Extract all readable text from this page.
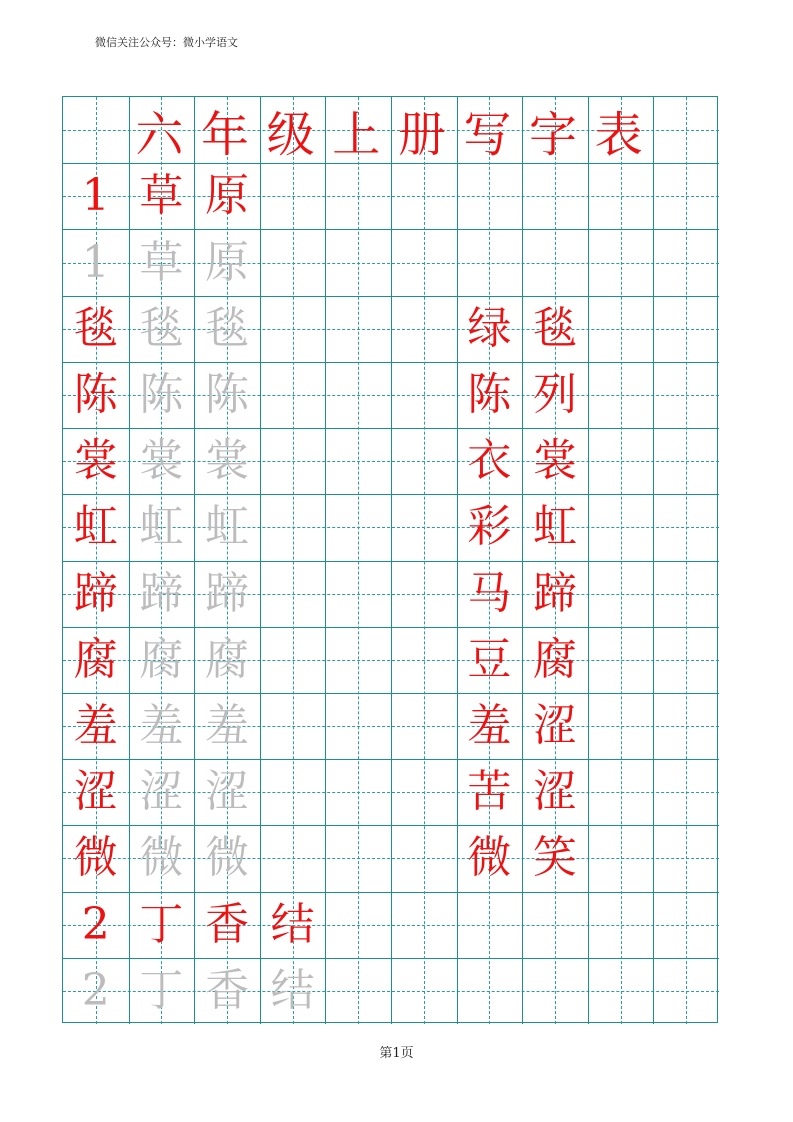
微信关注公众号：微小学语文
六 年 级 上 册 写 字 表
1 草 原
1 草 原
毯 毯 毯	绿 毯
陈 陈 陈	陈 列
裳 裳 裳	衣 裳
虹 虹 虹	彩 虹
蹄 蹄 蹄	马 蹄
腐 腐 腐	豆 腐
羞 羞 羞	羞 涩
涩 涩 涩	苦 涩
微 微 微	微 笑
2 丁 香 结
2 丁 香 结
第1页
